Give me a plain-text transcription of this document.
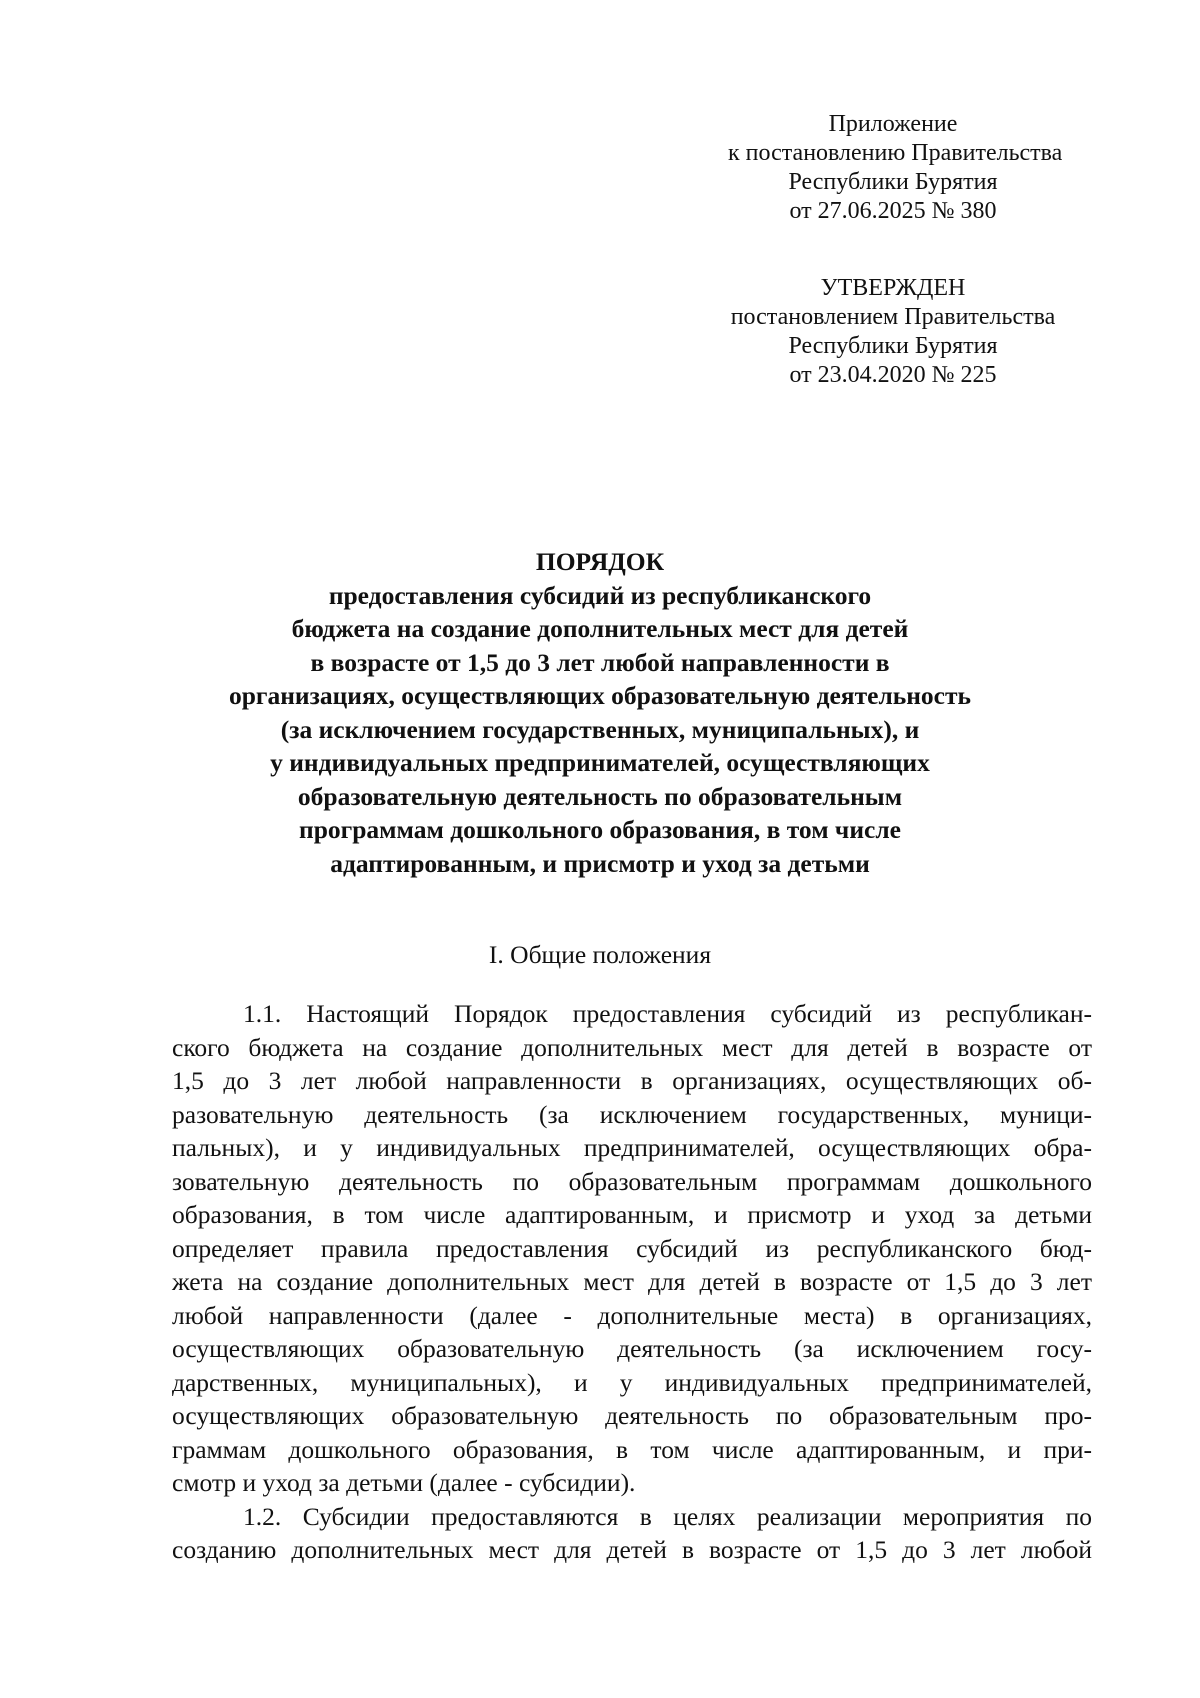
Приложение
к постановлению Правительства
Республики Бурятия
от 27.06.2025 № 380
УТВЕРЖДЕН
постановлением Правительства
Республики Бурятия
от 23.04.2020 № 225
ПОРЯДОК
предоставления субсидий из республиканского
бюджета на создание дополнительных мест для детей
в возрасте от 1,5 до 3 лет любой направленности в
организациях, осуществляющих образовательную деятельность
(за исключением государственных, муниципальных), и
у индивидуальных предпринимателей, осуществляющих
образовательную деятельность по образовательным
программам дошкольного образования, в том числе
адаптированным, и присмотр и уход за детьми
I. Общие положения
1.1. Настоящий Порядок предоставления субсидий из республикан-
ского бюджета на создание дополнительных мест для детей в возрасте от
1,5 до 3 лет любой направленности в организациях, осуществляющих об-
разовательную деятельность (за исключением государственных, муници-
пальных), и у индивидуальных предпринимателей, осуществляющих обра-
зовательную деятельность по образовательным программам дошкольного
образования, в том числе адаптированным, и присмотр и уход за детьми
определяет правила предоставления субсидий из республиканского бюд-
жета на создание дополнительных мест для детей в возрасте от 1,5 до 3 лет
любой направленности (далее - дополнительные места) в организациях,
осуществляющих образовательную деятельность (за исключением госу-
дарственных, муниципальных), и у индивидуальных предпринимателей,
осуществляющих образовательную деятельность по образовательным про-
граммам дошкольного образования, в том числе адаптированным, и при-
смотр и уход за детьми (далее - субсидии).
1.2. Субсидии предоставляются в целях реализации мероприятия по
созданию дополнительных мест для детей в возрасте от 1,5 до 3 лет любой
